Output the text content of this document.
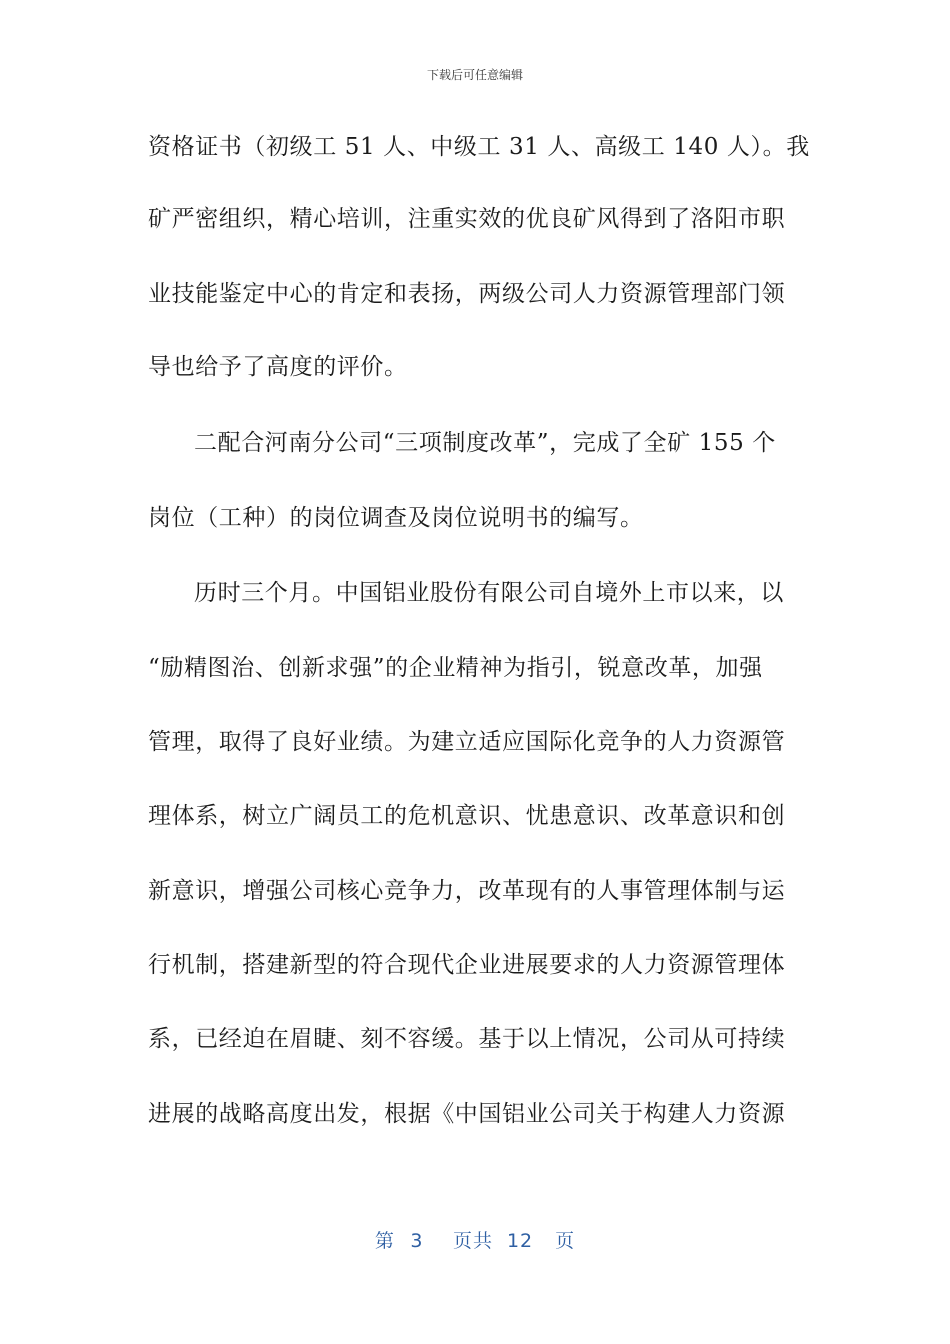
下载后可任意编辑
资格证书（初级工 51 人、中级工 31 人、高级工 140 人）。我
矿严密组织，精心培训，注重实效的优良矿风得到了洛阳市职
业技能鉴定中心的肯定和表扬，两级公司人力资源管理部门领
导也给予了高度的评价。
二配合河南分公司“三项制度改革”，完成了全矿 155 个
岗位（工种）的岗位调查及岗位说明书的编写。
历时三个月。中国铝业股份有限公司自境外上市以来，以
“励精图治、创新求强”的企业精神为指引，锐意改革，加强
管理，取得了良好业绩。为建立适应国际化竞争的人力资源管
理体系，树立广阔员工的危机意识、忧患意识、改革意识和创
新意识，增强公司核心竞争力，改革现有的人事管理体制与运
行机制，搭建新型的符合现代企业进展要求的人力资源管理体
系，已经迫在眉睫、刻不容缓。基于以上情况，公司从可持续
进展的战略高度出发，根据《中国铝业公司关于构建人力资源
第 3 页共 12 页
